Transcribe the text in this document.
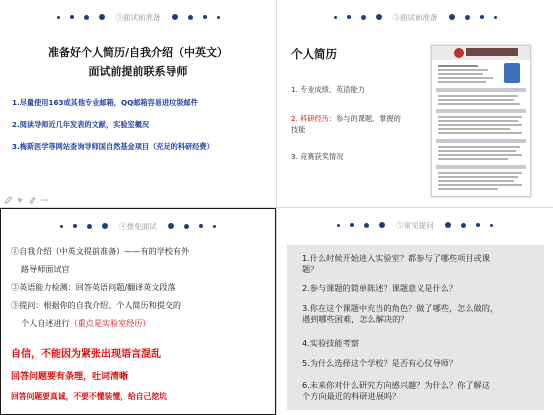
③面试前准备
准备好个人简历/自我介绍（中英文）
面试前提前联系导师
1.尽量使用163或其他专业邮箱，QQ邮箱容易进垃圾邮件
2.阅读导师近几年发表的文献，实验室概况
3.梅斯医学等网站查询导师国自然基金项目（充足的科研经费）
③面试前准备
个人简历
1. 专业成绩、英语能力
2. 科研经历：参与的课题、掌握的
技能
3. 竞赛获奖情况
④推免面试
①自我介绍（中英文提前准备）——有的学校有外
路导师面试官
②英语能力检测：回答英语问题/翻译英文段落
③提问：根据你的自我介绍、个人简历和提交的
个人自述进行（重点是实验室经历）
自信，不能因为紧张出现语言混乱
回答问题要有条理，吐词清晰
回答问题要真诚，不要不懂装懂，给自己挖坑
⑤常见提问
1.什么时候开始进入实验室？都参与了哪些项目或课
题？
2.参与课题的简单陈述？课题意义是什么？
3.你在这个课题中充当的角色？做了哪些，怎么做的，
遇到哪些困难，怎么解决的？
4.实验技能考察
5.为什么选择这个学校？是否有心仪导师？
6.未来你对什么研究方向感兴趣？为什么？你了解这
个方向最近的科研进展吗？
